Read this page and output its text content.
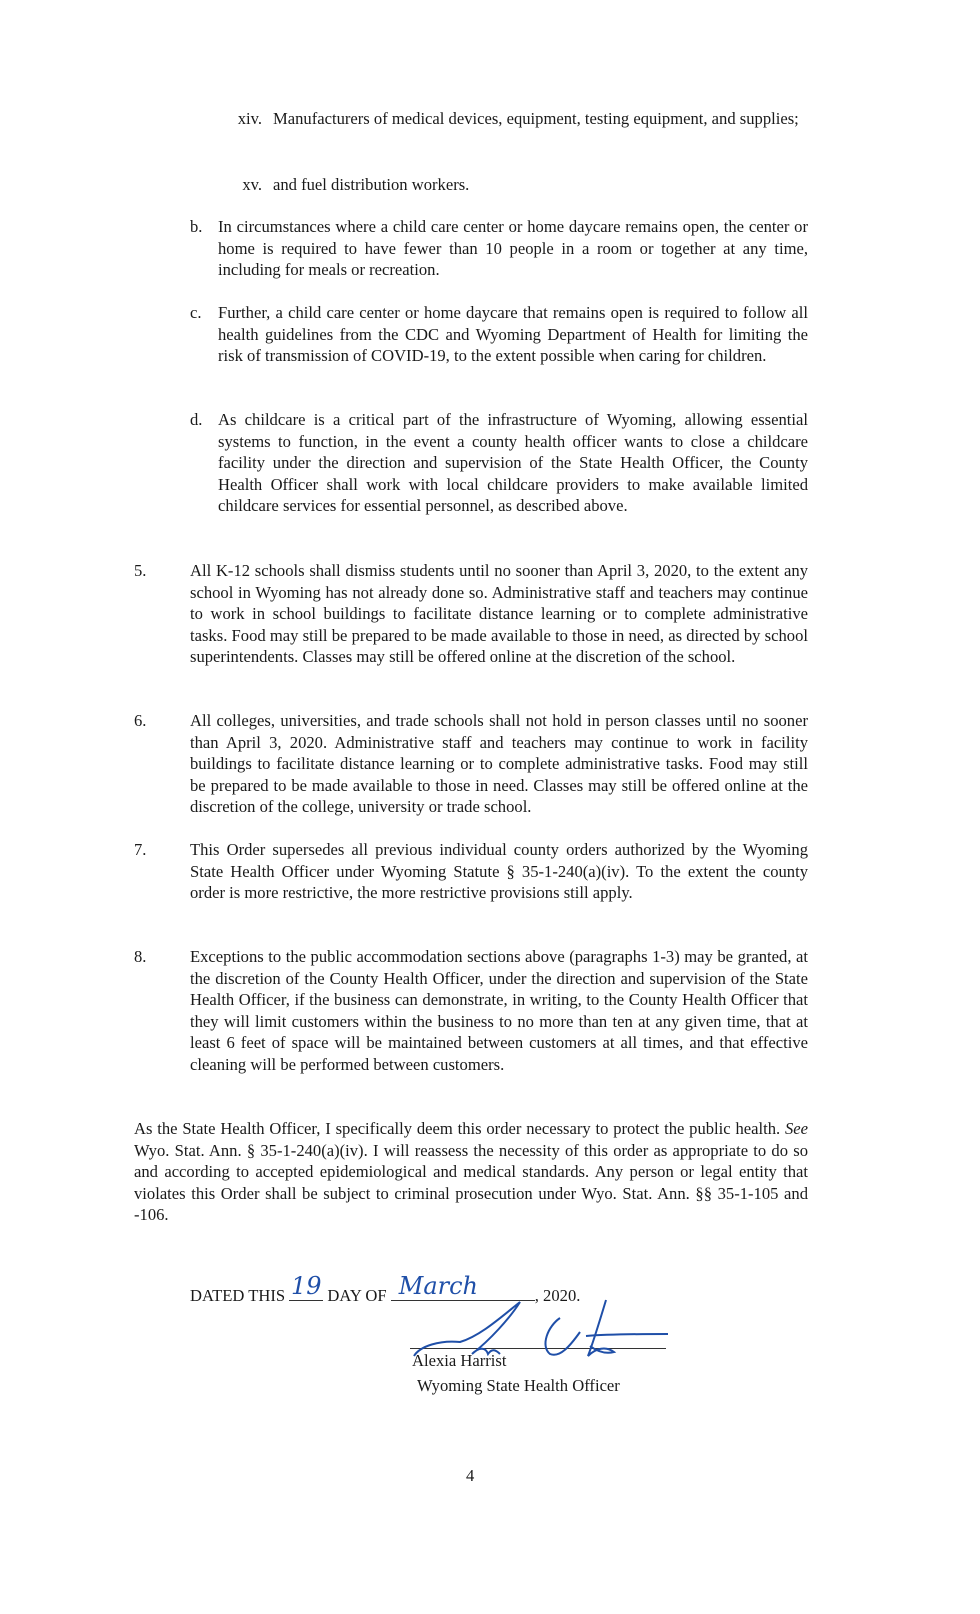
xiv. Manufacturers of medical devices, equipment, testing equipment, and supplies;
xv. and fuel distribution workers.
b. In circumstances where a child care center or home daycare remains open, the center or home is required to have fewer than 10 people in a room or together at any time, including for meals or recreation.
c. Further, a child care center or home daycare that remains open is required to follow all health guidelines from the CDC and Wyoming Department of Health for limiting the risk of transmission of COVID-19, to the extent possible when caring for children.
d. As childcare is a critical part of the infrastructure of Wyoming, allowing essential systems to function, in the event a county health officer wants to close a childcare facility under the direction and supervision of the State Health Officer, the County Health Officer shall work with local childcare providers to make available limited childcare services for essential personnel, as described above.
5.	All K-12 schools shall dismiss students until no sooner than April 3, 2020, to the extent any school in Wyoming has not already done so. Administrative staff and teachers may continue to work in school buildings to facilitate distance learning or to complete administrative tasks. Food may still be prepared to be made available to those in need, as directed by school superintendents. Classes may still be offered online at the discretion of the school.
6.	All colleges, universities, and trade schools shall not hold in person classes until no sooner than April 3, 2020. Administrative staff and teachers may continue to work in facility buildings to facilitate distance learning or to complete administrative tasks. Food may still be prepared to be made available to those in need. Classes may still be offered online at the discretion of the college, university or trade school.
7.	This Order supersedes all previous individual county orders authorized by the Wyoming State Health Officer under Wyoming Statute § 35-1-240(a)(iv). To the extent the county order is more restrictive, the more restrictive provisions still apply.
8.	Exceptions to the public accommodation sections above (paragraphs 1-3) may be granted, at the discretion of the County Health Officer, under the direction and supervision of the State Health Officer, if the business can demonstrate, in writing, to the County Health Officer that they will limit customers within the business to no more than ten at any given time, that at least 6 feet of space will be maintained between customers at all times, and that effective cleaning will be performed between customers.
As the State Health Officer, I specifically deem this order necessary to protect the public health. See Wyo. Stat. Ann. § 35-1-240(a)(iv). I will reassess the necessity of this order as appropriate to do so and according to accepted epidemiological and medical standards. Any person or legal entity that violates this Order shall be subject to criminal prosecution under Wyo. Stat. Ann. §§ 35-1-105 and -106.
DATED THIS 19 DAY OF March	, 2020.
Alexia Harrist
Wyoming State Health Officer
4
